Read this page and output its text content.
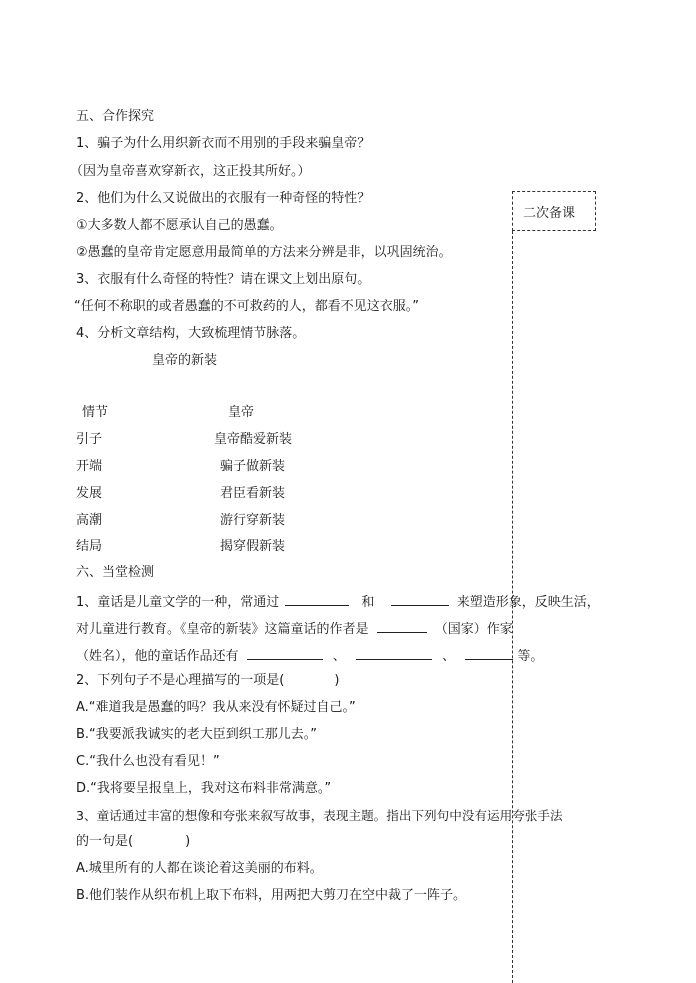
二次备课
五、合作探究
1、骗子为什么用织新衣而不用别的手段来骗皇帝？
（因为皇帝喜欢穿新衣，这正投其所好。）
2、他们为什么又说做出的衣服有一种奇怪的特性？
①大多数人都不愿承认自己的愚蠢。
②愚蠢的皇帝肯定愿意用最简单的方法来分辨是非，以巩固统治。
3、衣服有什么奇怪的特性？请在课文上划出原句。
“任何不称职的或者愚蠢的不可救药的人，都看不见这衣服。”
4、分析文章结构，大致梳理情节脉落。
皇帝的新装
情节	皇帝
引子	皇帝酷爱新装
开端	骗子做新装
发展	君臣看新装
高潮	游行穿新装
结局	揭穿假新装
六、当堂检测
1、童话是儿童文学的一种，常通过	和	来塑造形象，反映生活，
对儿童进行教育。《皇帝的新装》这篇童话的作者是	（国家）作家
（姓名），他的童话作品还有	、	、	等。
2、下列句子不是心理描写的一项是(	)
A.“难道我是愚蠢的吗？我从来没有怀疑过自己。”
B.“我要派我诚实的老大臣到织工那儿去。”
C.“我什么也没有看见！”
D.“我将要呈报皇上，我对这布料非常满意。”
3、童话通过丰富的想像和夸张来叙写故事，表现主题。指出下列句中没有运用夸张手法
的一句是(	)
A.城里所有的人都在谈论着这美丽的布料。
B.他们装作从织布机上取下布料，用两把大剪刀在空中裁了一阵子。
